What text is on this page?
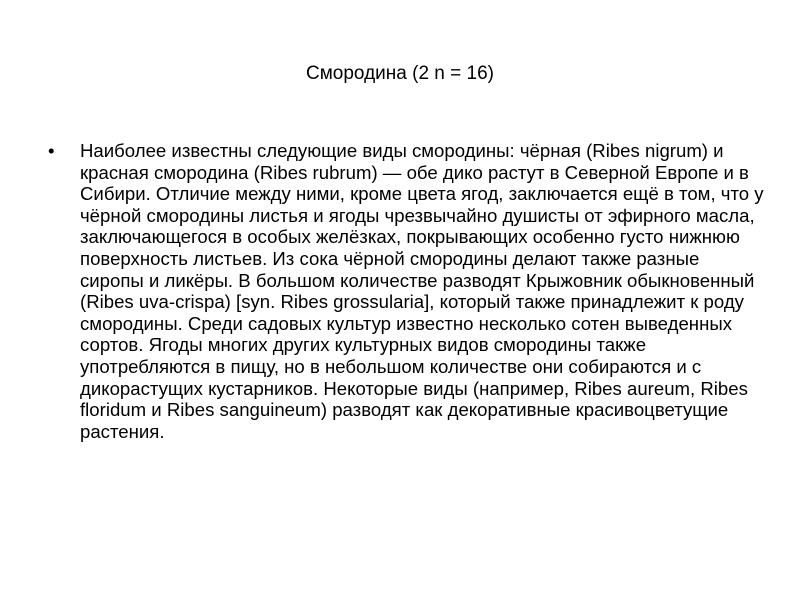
Смородина (2 n = 16)
•	Наиболее известны следующие виды смородины: чёрная (Ribes nigrum) и красная смородина (Ribes rubrum) — обе дико растут в Северной Европе и в Сибири. Отличие между ними, кроме цвета ягод, заключается ещё в том, что у чёрной смородины листья и ягоды чрезвычайно душисты от эфирного масла, заключающегося в особых желёзках, покрывающих особенно густо нижнюю поверхность листьев. Из сока чёрной смородины делают также разные сиропы и ликёры. В большом количестве разводят Крыжовник обыкновенный (Ribes uva-crispa) [syn. Ribes grossularia], который также принадлежит к роду смородины. Среди садовых культур известно несколько сотен выведенных сортов. Ягоды многих других культурных видов смородины также употребляются в пищу, но в небольшом количестве они собираются и с дикорастущих кустарников. Некоторые виды (например, Ribes aureum, Ribes floridum и Ribes sanguineum) разводят как декоративные красивоцветущие растения.
